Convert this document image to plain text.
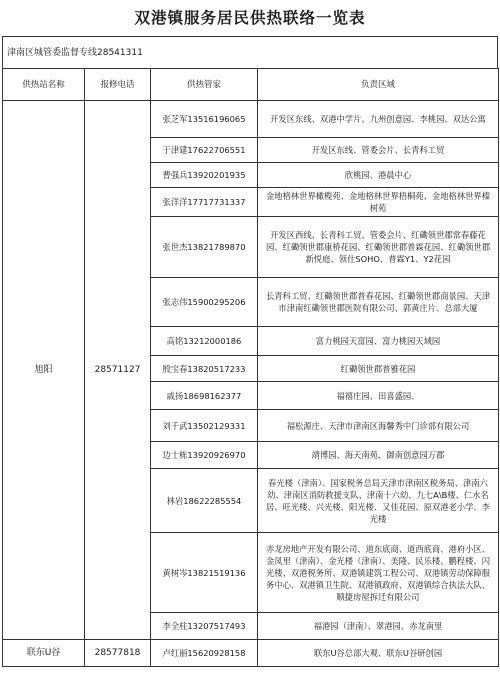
双港镇服务居民供热联络一览表
津南区城管委监督专线28541311
供热站名称	报修电话	供热管家	负责区域
旭阳	28571127	张芝军13516196065	开发区东线、双港中学片、九州创意园、李桃园、双达公寓
		于津建17622706551	开发区东线、管委会片、长青科工贸
		曹强兵13920201935	欣桃园、港晨中心
		张洋洋17717731337	金地格林世界橄榄苑、金地格林世界梧桐苑、金地格林世界榛树苑
		张世杰13821789870	开发区西线、长青科工贸、管委会片、红磡领世郡常春藤花园、红磡领世郡康桥花园、红磡领世郡普霖花园、红磡领世郡新悦庭、领仕SOHO、普霖Y1、Y2花园
		张志伟15900295206	长青科工贸、红磡领世郡普春花园、红磡领世郡商景园、天津市津南红磡领世郡医院有限公司、郭黄庄片、总部大厦
		高铭13212000186	富力桃园天富园、富力桃园天域园
		殷宝春13820517233	红磡领世郡普雅花园
		戚扬18698162377	福禧庄园、田喜盛园、
		刘千武13502129331	福松源庄、天津市津南区海馨秀中门诊部有限公司
		边士栋13920926970	靖博园、海天南苑、御南创意园万郡
		林岩18622285554	春光楼（津南）、国家税务总局天津市津南区税务局、津南六幼、津南区消防救援支队、津南十六幼、九七A\B楼、仁水名居、旺光楼、兴光楼、阳光楼、又佳花园、原双港老小学、李光楼
		黄树岑13821519136	赤龙房地产开发有限公司、道东底商、道西底商、港府小区、金凤里（津南）、金光楼（津南）、美隆、民乐楼、鹏程楼、闪光楼、双港税务所、双港镇建筑工程公司、双港镇劳动保障服务中心、双港镇卫生院、双港镇政府、双港镇综合执法大队、顺捷房屋拆迁有限公司
		李全柱13207517493	福港园（津南）、翠港园、赤龙南里
联东U谷	28577818	卢红丽15620928158	联东U谷总部大观、联东U谷研创园
